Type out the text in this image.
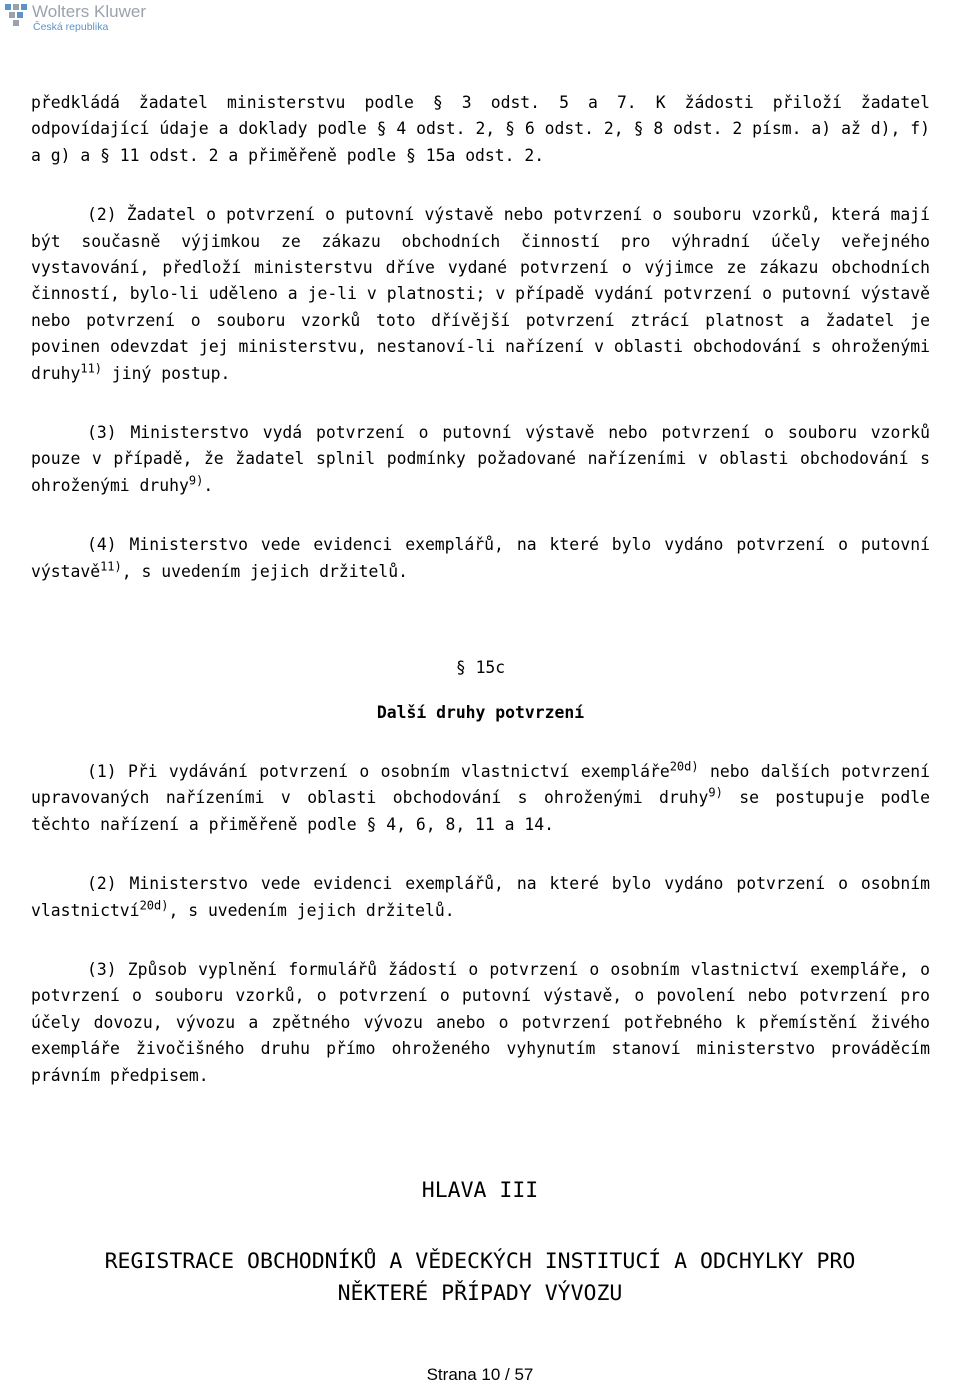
Wolters Kluwer
Česká republika

předkládá žadatel ministerstvu podle § 3 odst. 5 a 7. K žádosti přiloží žadatel odpovídající údaje a doklady podle § 4 odst. 2, § 6 odst. 2, § 8 odst. 2 písm. a) až d), f) a g) a § 11 odst. 2 a přiměřeně podle § 15a odst. 2.

(2) Žadatel o potvrzení o putovní výstavě nebo potvrzení o souboru vzorků, která mají být současně výjimkou ze zákazu obchodních činností pro výhradní účely veřejného vystavování, předloží ministerstvu dříve vydané potvrzení o výjimce ze zákazu obchodních činností, bylo-li uděleno a je-li v platnosti; v případě vydání potvrzení o putovní výstavě nebo potvrzení o souboru vzorků toto dřívější potvrzení ztrácí platnost a žadatel je povinen odevzdat jej ministerstvu, nestanoví-li nařízení v oblasti obchodování s ohroženými druhy$^{11)}$ jiný postup.

(3) Ministerstvo vydá potvrzení o putovní výstavě nebo potvrzení o souboru vzorků pouze v případě, že žadatel splnil podmínky požadované nařízeními v oblasti obchodování s ohroženými druhy$^{9)}$.

(4) Ministerstvo vede evidenci exemplářů, na které bylo vydáno potvrzení o putovní výstavě$^{11)}$, s uvedením jejich držitelů.

§ 15c
Další druhy potvrzení

(1) Při vydávání potvrzení o osobním vlastnictví exempláře$^{20d)}$ nebo dalších potvrzení upravovaných nařízeními v oblasti obchodování s ohroženými druhy$^{9)}$ se postupuje podle těchto nařízení a přiměřeně podle § 4, 6, 8, 11 a 14.

(2) Ministerstvo vede evidenci exemplářů, na které bylo vydáno potvrzení o osobním vlastnictví$^{20d)}$, s uvedením jejich držitelů.

(3) Způsob vyplnění formulářů žádostí o potvrzení o osobním vlastnictví exempláře, o potvrzení o souboru vzorků, o potvrzení o putovní výstavě, o povolení nebo potvrzení pro účely dovozu, vývozu a zpětného vývozu anebo o potvrzení potřebného k přemístění živého exempláře živočišného druhu přímo ohroženého vyhynutím stanoví ministerstvo prováděcím právním předpisem.

HLAVA III
REGISTRACE OBCHODNÍKŮ A VĚDECKÝCH INSTITUCÍ A ODCHYLKY PRO NĚKTERÉ PŘÍPADY VÝVOZU
Strana 10 / 57
